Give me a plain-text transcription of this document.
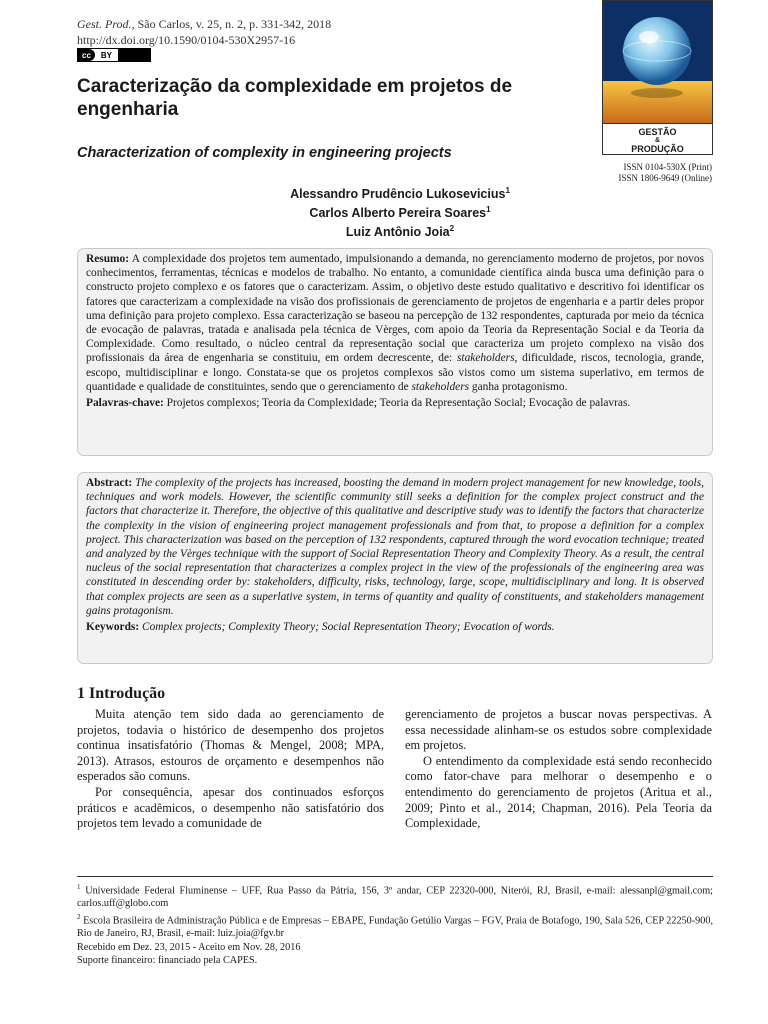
Gest. Prod., São Carlos, v. 25, n. 2, p. 331-342, 2018
http://dx.doi.org/10.1590/0104-530X2957-16
cc	BY
GESTÃO
&
PRODUÇÃO
ISSN 0104-530X (Print)
ISSN 1806-9649 (Online)
Caracterização da complexidade em projetos de engenharia
Characterization of complexity in engineering projects
Alessandro Prudêncio Lukosevicius$^1$
Carlos Alberto Pereira Soares$^1$
Luiz Antônio Joia$^2$
Resumo: A complexidade dos projetos tem aumentado, impulsionando a demanda, no gerenciamento moderno de projetos, por novos conhecimentos, ferramentas, técnicas e modelos de trabalho. No entanto, a comunidade científica ainda busca uma definição para o constructo projeto complexo e os fatores que o caracterizam. Assim, o objetivo deste estudo qualitativo e descritivo foi identificar os fatores que caracterizam a complexidade na visão dos profissionais de gerenciamento de projetos de engenharia e a partir deles propor uma definição para projeto complexo. Essa caracterização se baseou na percepção de 132 respondentes, capturada por meio da técnica de evocação de palavras, tratada e analisada pela técnica de Vèrges, com apoio da Teoria da Representação Social e da Teoria da Complexidade. Como resultado, o núcleo central da representação social que caracteriza um projeto complexo na visão dos profissionais da área de engenharia se constituiu, em ordem decrescente, de: stakeholders, dificuldade, riscos, tecnologia, grande, escopo, multidisciplinar e longo. Constata-se que os projetos complexos são vistos como um sistema superlativo, em termos de quantidade e qualidade de constituintes, sendo que o gerenciamento de stakeholders ganha protagonismo.
Palavras-chave: Projetos complexos; Teoria da Complexidade; Teoria da Representação Social; Evocação de palavras.
Abstract: The complexity of the projects has increased, boosting the demand in modern project management for new knowledge, tools, techniques and work models. However, the scientific community still seeks a definition for the complex project construct and the factors that characterize it. Therefore, the objective of this qualitative and descriptive study was to identify the factors that characterize the complexity in the vision of engineering project management professionals and from that, to propose a definition for a complex project. This characterization was based on the perception of 132 respondents, captured through the word evocation technique; treated and analyzed by the Vèrges technique with the support of Social Representation Theory and Complexity Theory. As a result, the central nucleus of the social representation that characterizes a complex project in the view of the professionals of the engineering area was constituted in descending order by: stakeholders, difficulty, risks, technology, large, scope, multidisciplinary and long. It is observed that complex projects are seen as a superlative system, in terms of quantity and quality of constituents, and stakeholders management gains protagonism.
Keywords: Complex projects; Complexity Theory; Social Representation Theory; Evocation of words.
1 Introdução

Muita atenção tem sido dada ao gerenciamento de projetos, todavia o histórico de desempenho dos projetos continua insatisfatório (Thomas & Mengel, 2008; MPA, 2013). Atrasos, estouros de orçamento e desempenhos não esperados são comuns.

Por consequência, apesar dos continuados esforços práticos e acadêmicos, o desempenho não satisfatório dos projetos tem levado a comunidade de

gerenciamento de projetos a buscar novas perspectivas. A essa necessidade alinham-se os estudos sobre complexidade em projetos.

O entendimento da complexidade está sendo reconhecido como fator-chave para melhorar o desempenho e o entendimento do gerenciamento de projetos (Aritua et al., 2009; Pinto et al., 2014; Chapman, 2016). Pela Teoria da Complexidade,

$^1$ Universidade Federal Fluminense – UFF, Rua Passo da Pátria, 156, 3º andar, CEP 22320-000, Niterói, RJ, Brasil, e-mail: alessanpl@gmail.com; carlos.uff@globo.com
$^2$ Escola Brasileira de Administração Pública e de Empresas – EBAPE, Fundação Getúlio Vargas – FGV, Praia de Botafogo, 190, Sala 526, CEP 22250-900, Rio de Janeiro, RJ, Brasil, e-mail: luiz.joia@fgv.br
Recebido em Dez. 23, 2015 - Aceito em Nov. 28, 2016
Suporte financeiro: financiado pela CAPES.
